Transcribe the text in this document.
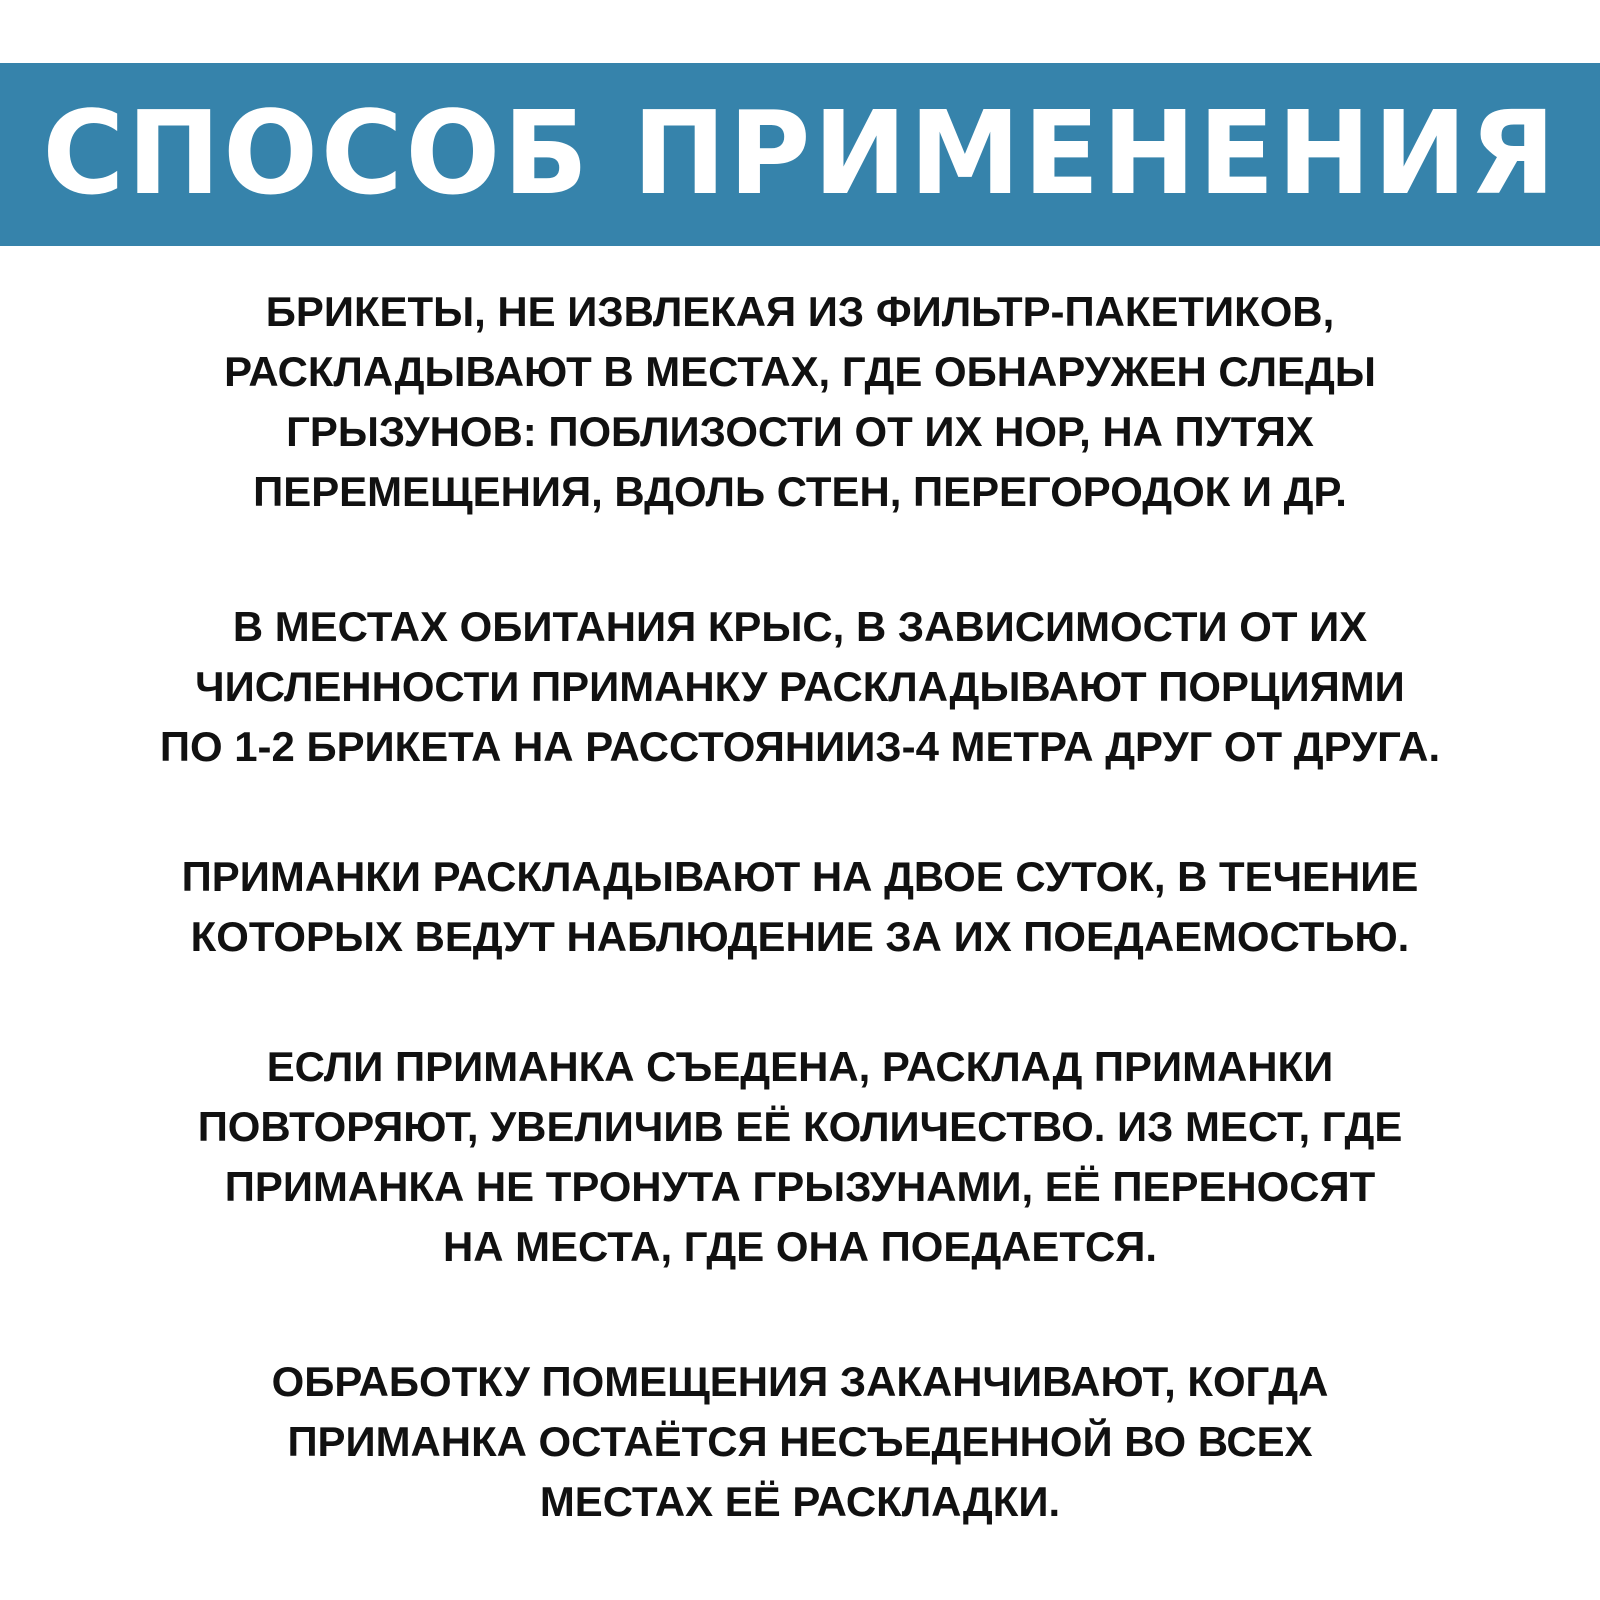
СПОСОБ ПРИМЕНЕНИЯ
БРИКЕТЫ, НЕ ИЗВЛЕКАЯ ИЗ ФИЛЬТР-ПАКЕТИКОВ,
РАСКЛАДЫВАЮТ В МЕСТАХ, ГДЕ ОБНАРУЖЕН СЛЕДЫ
ГРЫЗУНОВ: ПОБЛИЗОСТИ ОТ ИХ НОР, НА ПУТЯХ
ПЕРЕМЕЩЕНИЯ, ВДОЛЬ СТЕН, ПЕРЕГОРОДОК И ДР.
В МЕСТАХ ОБИТАНИЯ КРЫС, В ЗАВИСИМОСТИ ОТ ИХ
ЧИСЛЕННОСТИ ПРИМАНКУ РАСКЛАДЫВАЮТ ПОРЦИЯМИ
ПО 1-2 БРИКЕТА НА РАССТОЯНИИЗ-4 МЕТРА ДРУГ ОТ ДРУГА.
ПРИМАНКИ РАСКЛАДЫВАЮТ НА ДВОЕ СУТОК, В ТЕЧЕНИЕ
КОТОРЫХ ВЕДУТ НАБЛЮДЕНИЕ ЗА ИХ ПОЕДАЕМОСТЬЮ.
ЕСЛИ ПРИМАНКА СЪЕДЕНА, РАСКЛАД ПРИМАНКИ
ПОВТОРЯЮТ, УВЕЛИЧИВ ЕЁ КОЛИЧЕСТВО. ИЗ МЕСТ, ГДЕ
ПРИМАНКА НЕ ТРОНУТА ГРЫЗУНАМИ, ЕЁ ПЕРЕНОСЯТ
НА МЕСТА, ГДЕ ОНА ПОЕДАЕТСЯ.
ОБРАБОТКУ ПОМЕЩЕНИЯ ЗАКАНЧИВАЮТ, КОГДА
ПРИМАНКА ОСТАЁТСЯ НЕСЪЕДЕННОЙ ВО ВСЕХ
МЕСТАХ ЕЁ РАСКЛАДКИ.
